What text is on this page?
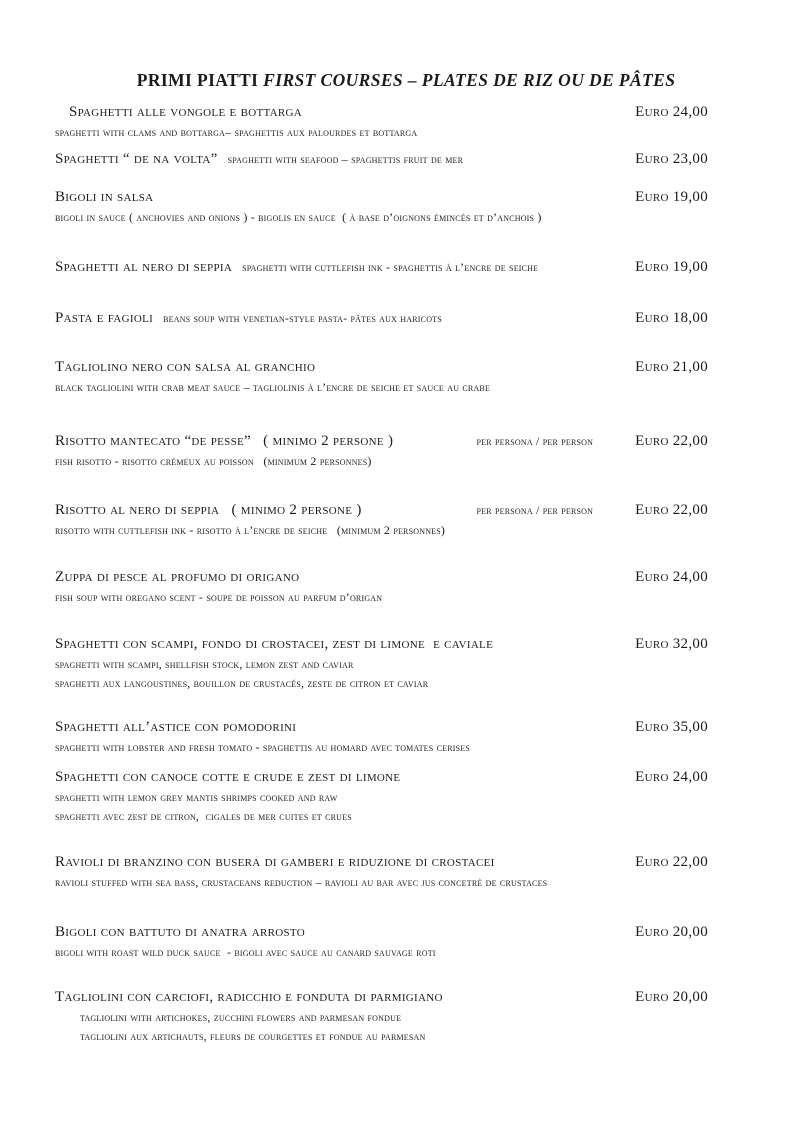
PRIMI PIATTI FIRST COURSES – PLATES DE RIZ OU DE PÂTES

Spaghetti alle vongole e bottarga	Euro 24,00
spaghetti with clams and bottarga– spaghettis aux palourdes et bottarga
Spaghetti “ de na volta” spaghetti with seafood – spaghettis fruit de mer	Euro 23,00
Bigoli in salsa	Euro 19,00
bigoli in sauce ( anchovies and onions ) - bigolis en sauce  ( à base d’oignons émincés et d’anchois )
Spaghetti al nero di seppia spaghetti with cuttlefish ink - spaghettis à l’encre de seiche	Euro 19,00
Pasta e fagioli beans soup with venetian-style pasta- pâtes aux haricots	Euro 18,00
Tagliolino nero con salsa al granchio	Euro 21,00
black tagliolini with crab meat sauce – tagliolinis à l’encre de seiche et sauce au crabe
Risotto mantecato “de pesse”   ( minimo 2 persone )	per persona / per person	Euro 22,00
fish risotto - risotto crémeux au poisson   (minimum 2 personnes)
Risotto al nero di seppia   ( minimo 2 persone )	per persona / per person	Euro 22,00
risotto with cuttlefish ink - risotto à l’encre de seiche   (minimum 2 personnes)
Zuppa di pesce al profumo di origano	Euro 24,00
fish soup with oregano scent - soupe de poisson au parfum d’origan
Spaghetti con scampi, fondo di crostacei, zest di limone  e caviale	Euro 32,00
spaghetti with scampi, shellfish stock, lemon zest and caviar
spaghetti aux langoustines, bouillon de crustacés, zeste de citron et caviar
Spaghetti all’astice con pomodorini	Euro 35,00
spaghetti with lobster and fresh tomato - spaghettis au homard avec tomates cerises
Spaghetti con canoce cotte e crude e zest di limone	Euro 24,00
spaghetti with lemon grey mantis shrimps cooked and raw
spaghetti avec zest de citron,  cigales de mer cuites et crues
Ravioli di branzino con busera di gamberi e riduzione di crostacei	Euro 22,00
ravioli stuffed with sea bass, crustaceans reduction – ravioli au bar avec jus concetrè de crustaces
Bigoli con battuto di anatra arrosto	Euro 20,00
bigoli with roast wild duck sauce  - bigoli avec sauce au canard sauvage roti
Tagliolini con carciofi, radicchio e fonduta di parmigiano	Euro 20,00
tagliolini with artichokes, zucchini flowers and parmesan fondue
tagliolini aux artichauts, fleurs de courgettes et fondue au parmesan
